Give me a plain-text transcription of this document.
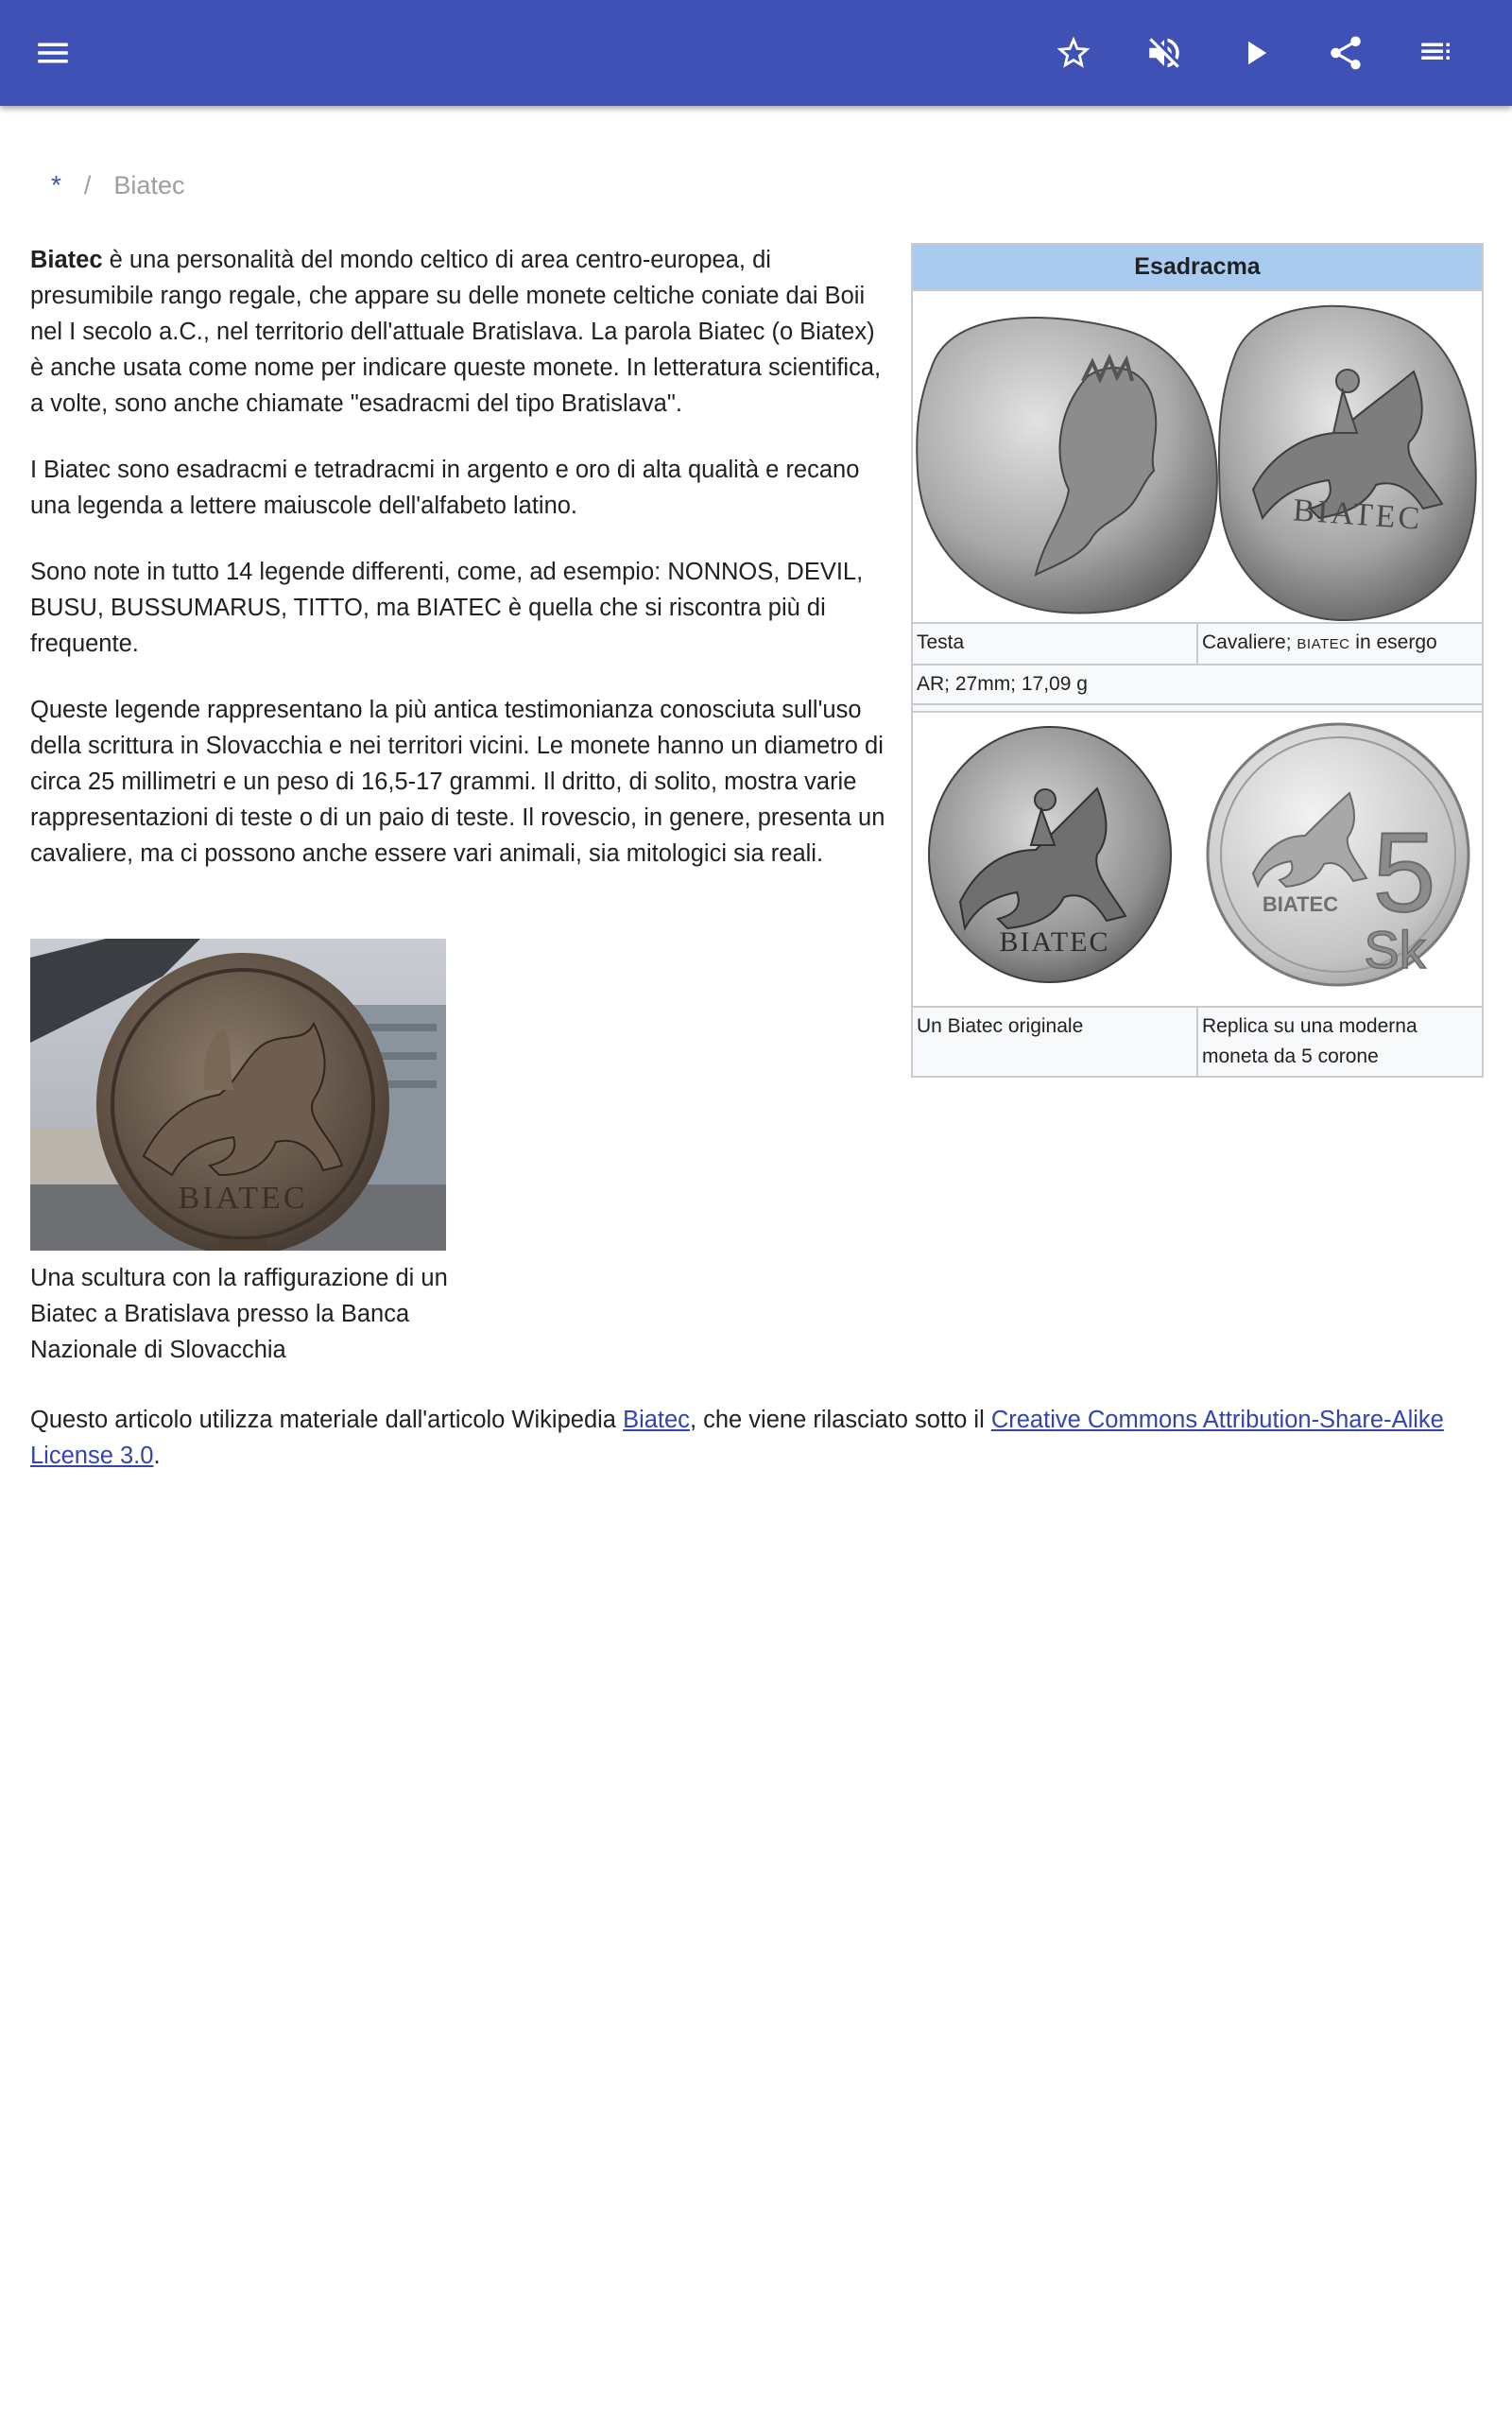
* / Biatec

Biatec è una personalità del mondo celtico di area centro-europea, di presumibile rango regale, che appare su delle monete celtiche coniate dai Boii nel I secolo a.C., nel territorio dell'attuale Bratislava. La parola Biatec (o Biatex) è anche usata come nome per indicare queste monete. In letteratura scientifica, a volte, sono anche chiamate "esadracmi del tipo Bratislava".

I Biatec sono esadracmi e tetradracmi in argento e oro di alta qualità e recano una legenda a lettere maiuscole dell'alfabeto latino.

Sono note in tutto 14 legende differenti, come, ad esempio: NONNOS, DEVIL, BUSU, BUSSUMARUS, TITTO, ma BIATEC è quella che si riscontra più di frequente.

Queste legende rappresentano la più antica testimonianza conosciuta sull'uso della scrittura in Slovacchia e nei territori vicini. Le monete hanno un diametro di circa 25 millimetri e un peso di 16,5-17 grammi. Il dritto, di solito, mostra varie rappresentazioni di teste o di un paio di teste. Il rovescio, in genere, presenta un cavaliere, ma ci possono anche essere vari animali, sia mitologici sia reali.

BIATEC
Una scultura con la raffigurazione di un Biatec a Bratislava presso la Banca Nazionale di Slovacchia
Esadracma
BIATEC
Testa	Cavaliere; BIATEC in esergo
AR; 27mm; 17,09 g
BIATEC
BIATEC 5
Sk
Un Biatec originale	Replica su una moderna moneta da 5 corone
Questo articolo utilizza materiale dall'articolo Wikipedia Biatec, che viene rilasciato sotto il Creative Commons Attribution-Share-Alike License 3.0.
